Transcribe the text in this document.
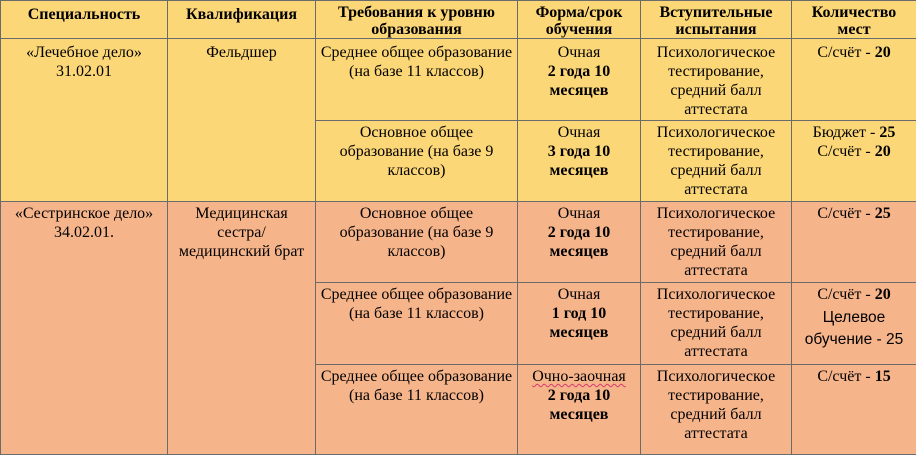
Специальность	Квалификация	Требования к уровню образования	Форма/срок обучения	Вступительные испытания	Количество мест
«Лечебное дело» 31.02.01	Фельдшер	Среднее общее образование (на базе 11 классов)	Очная
2 года 10 месяцев	Психологическое тестирование, средний балл аттестата	С/счёт - 20

		Основное общее образование (на базе 9 классов)	Очная
3 года 10 месяцев	Психологическое тестирование, средний балл аттестата	Бюджет - 25
С/счёт - 20

«Сестринское дело» 34.02.01.	Медицинская сестра/ медицинский брат	Основное общее образование (на базе 9 классов)	Очная
2 года 10 месяцев	Психологическое тестирование, средний балл аттестата	С/счёт - 25

		Среднее общее образование (на базе 11 классов)	Очная
1 год 10 месяцев	Психологическое тестирование, средний балл аттестата	С/счёт - 20
Целевое обучение - 25

		Среднее общее образование (на базе 11 классов)	Очно-заочная
2 года 10 месяцев	Психологическое тестирование, средний балл аттестата	С/счёт - 15
